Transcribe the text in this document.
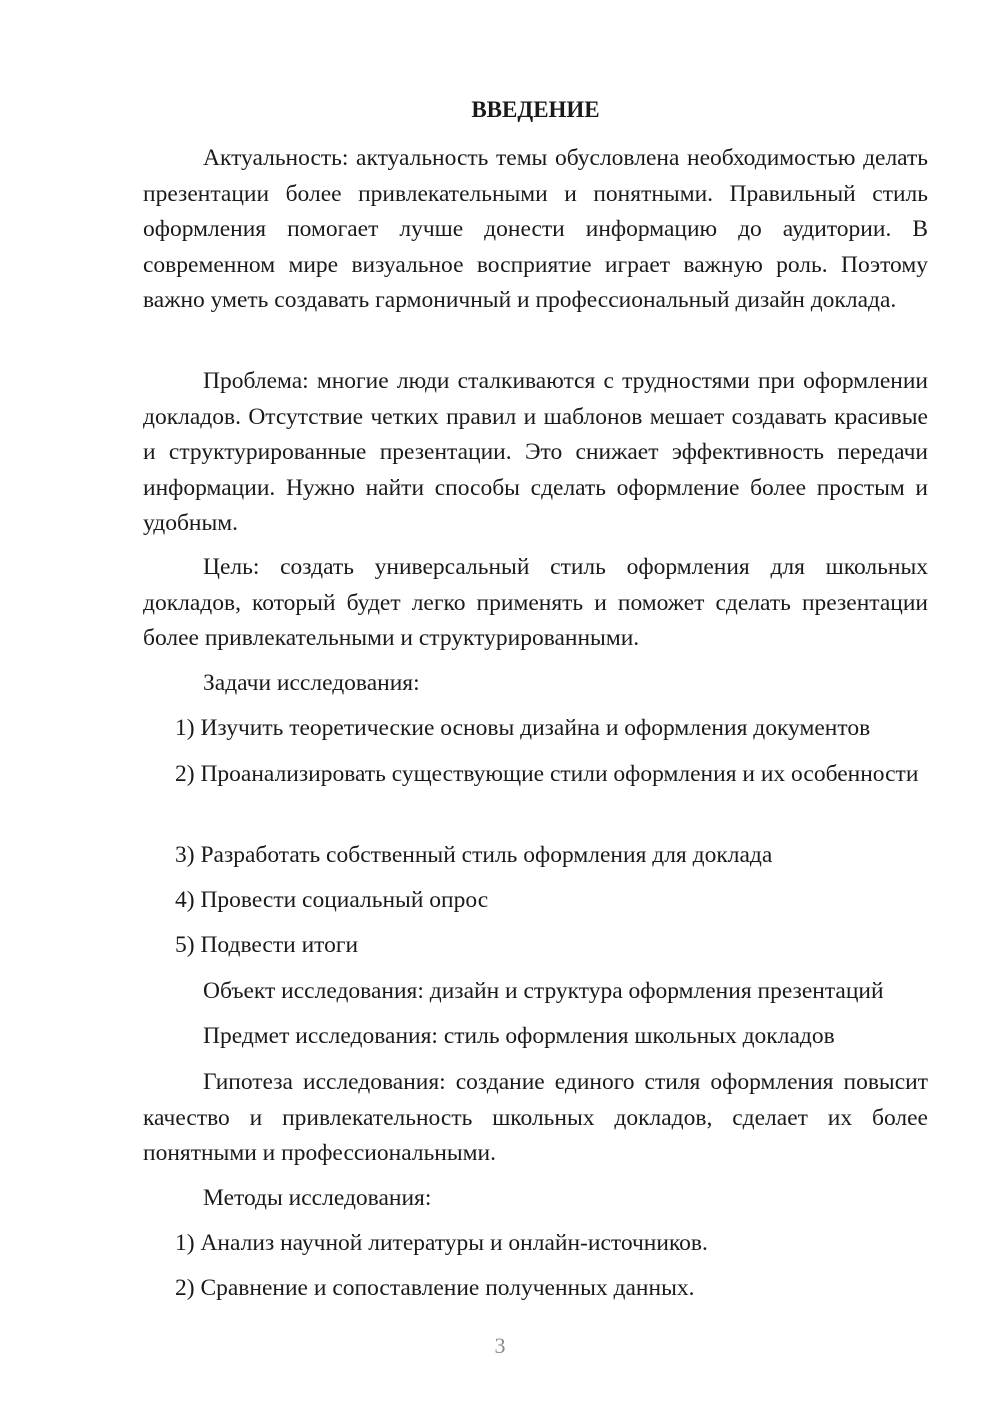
ВВЕДЕНИЕ

Актуальность: актуальность темы обусловлена необходимостью делать презентации более привлекательными и понятными. Правильный стиль оформления помогает лучше донести информацию до аудитории. В современном мире визуальное восприятие играет важную роль. Поэтому важно уметь создавать гармоничный и профессиональный дизайн доклада.

Проблема: многие люди сталкиваются с трудностями при оформлении докладов. Отсутствие четких правил и шаблонов мешает создавать красивые и структурированные презентации. Это снижает эффективность передачи информации. Нужно найти способы сделать оформление более простым и удобным.

Цель: создать универсальный стиль оформления для школьных докладов, который будет легко применять и поможет сделать презентации более привлекательными и структурированными.

Задачи исследования:

1) Изучить теоретические основы дизайна и оформления документов

2) Проанализировать существующие стили оформления и их особенности

3) Разработать собственный стиль оформления для доклада

4) Провести социальный опрос

5) Подвести итоги

Объект исследования: дизайн и структура оформления презентаций

Предмет исследования: стиль оформления школьных докладов

Гипотеза исследования: создание единого стиля оформления повысит качество и привлекательность школьных докладов, сделает их более понятными и профессиональными.

Методы исследования:

1) Анализ научной литературы и онлайн-источников.

2) Сравнение и сопоставление полученных данных.

3
